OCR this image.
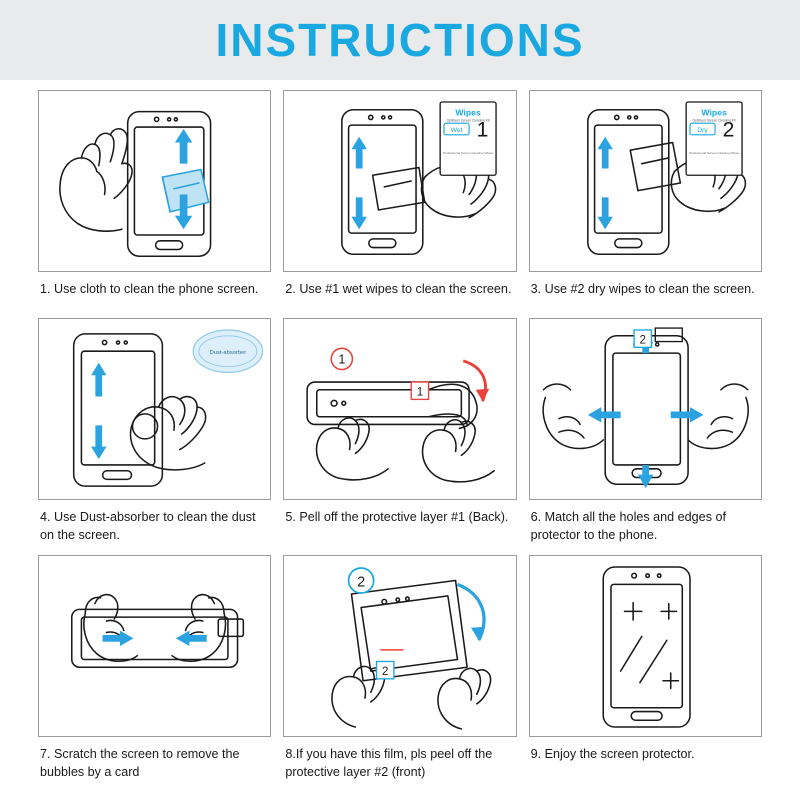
INSTRUCTIONS
1. Use cloth to clean the phone screen.
Wipes
Optimum Screen Cleaning Kit
Wet 1
Professional Screen Cleaning Wipes
2. Use #1 wet wipes to clean the screen.
Wipes
Optimum Screen Cleaning Kit
Dry 2
Professional Screen Cleaning Wipes
3. Use #2 dry wipes to clean the screen.
Dust-absorber
4. Use Dust-absorber to clean the dust on the screen.
1
1
5. Pell off the protective layer #1 (Back).
2
6. Match all the holes and edges of protector to the phone.
7. Scratch the screen to remove the bubbles by a card
2
2
8.If you have this film, pls peel off the protective layer #2 (front)
9. Enjoy the screen protector.
